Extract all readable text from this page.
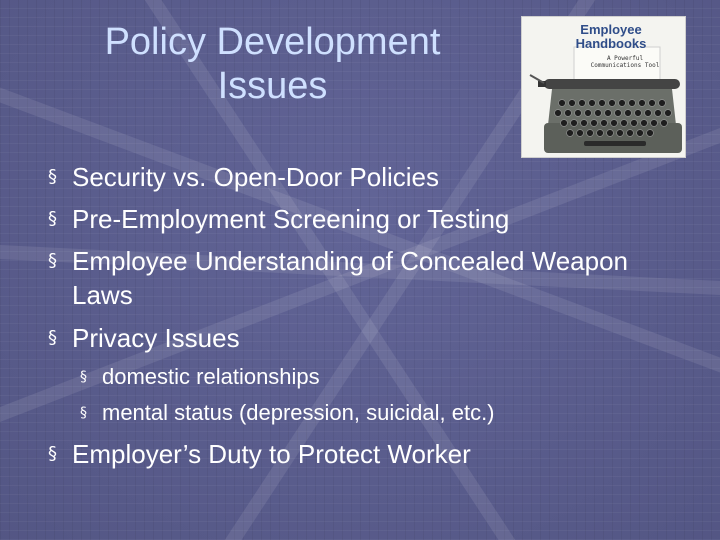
Policy Development
Issues
Employee
Handbooks
A Powerful
Communications Tool
§ Security vs. Open-Door Policies
§ Pre-Employment Screening or Testing
§ Employee Understanding of Concealed Weapon Laws
§ Privacy Issues
§ domestic relationships
§ mental status (depression, suicidal, etc.)
§ Employer’s Duty to Protect Worker
